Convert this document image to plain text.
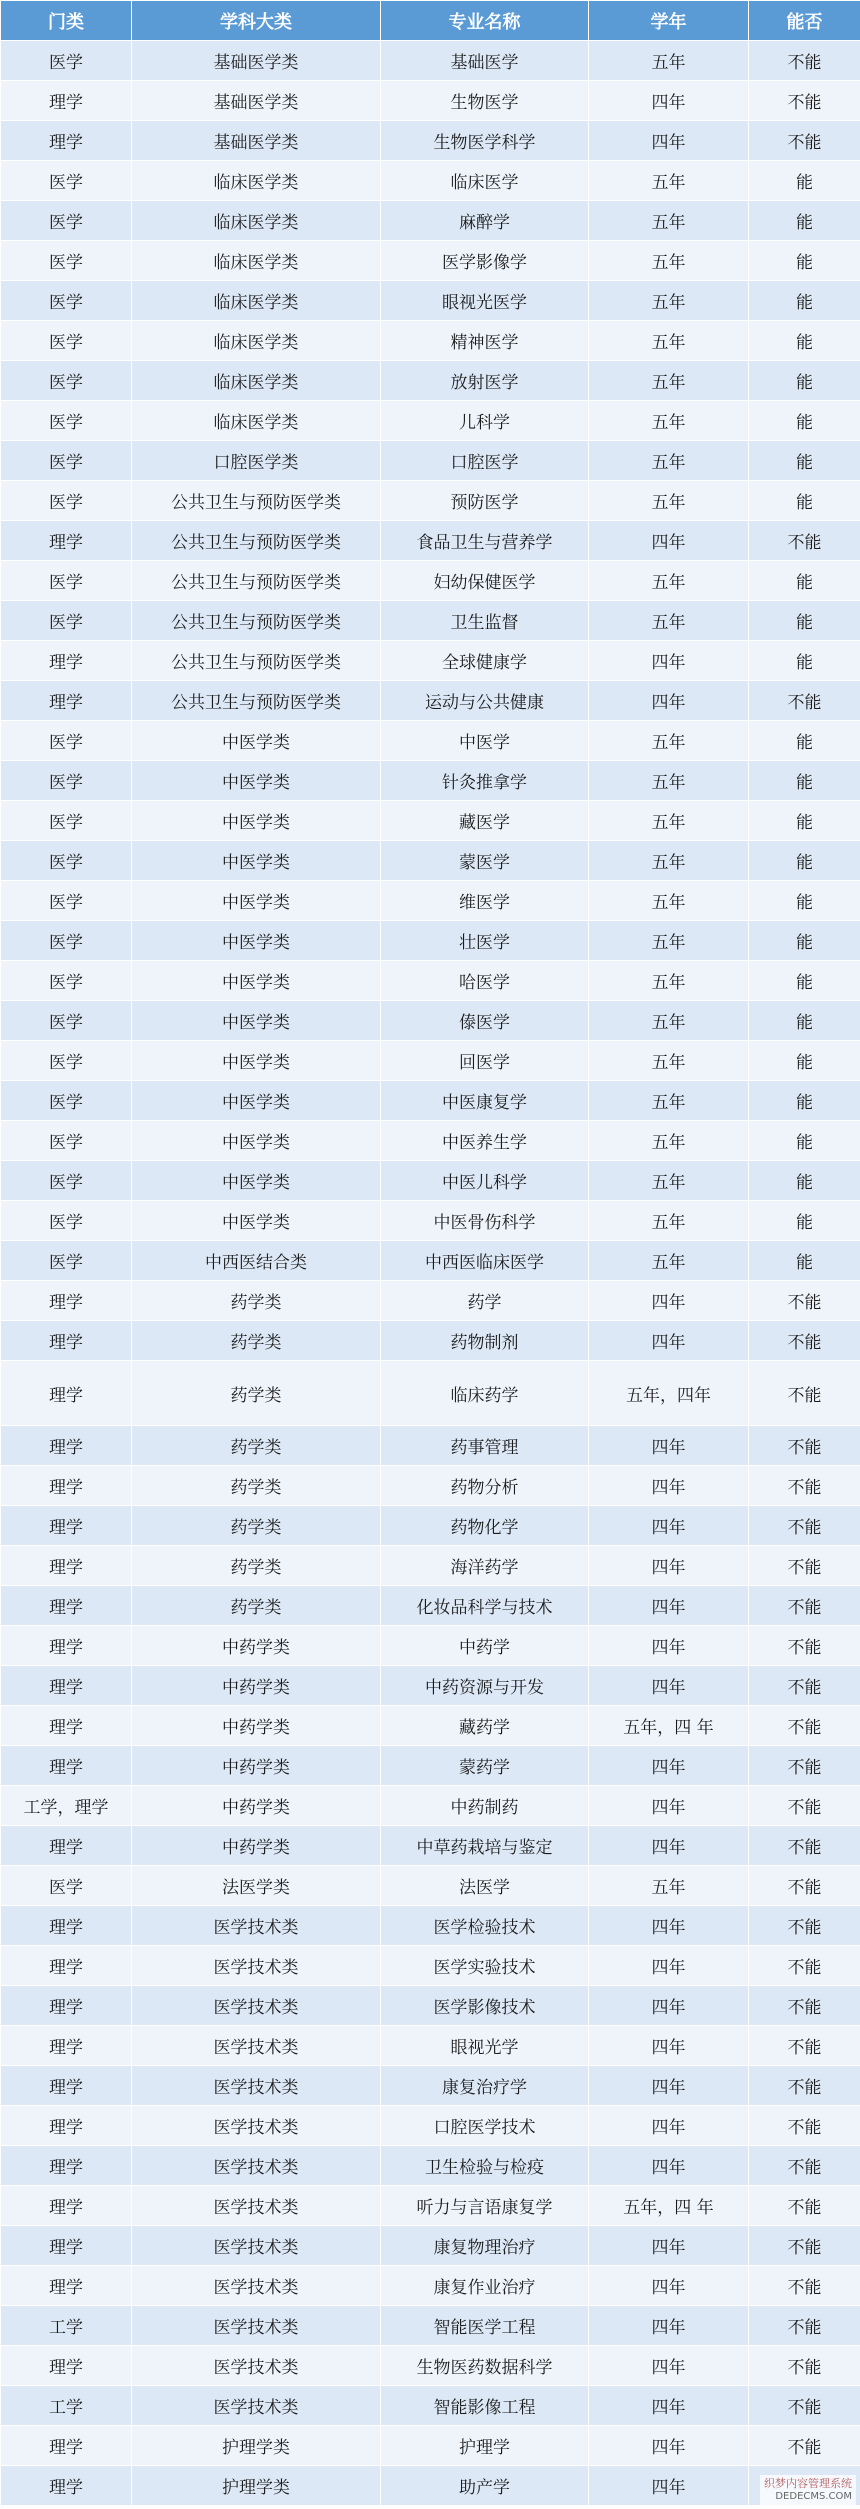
门类	学科大类	专业名称	学年	能否
医学	基础医学类	基础医学	五年	不能
理学	基础医学类	生物医学	四年	不能
理学	基础医学类	生物医学科学	四年	不能
医学	临床医学类	临床医学	五年	能
医学	临床医学类	麻醉学	五年	能
医学	临床医学类	医学影像学	五年	能
医学	临床医学类	眼视光医学	五年	能
医学	临床医学类	精神医学	五年	能
医学	临床医学类	放射医学	五年	能
医学	临床医学类	儿科学	五年	能
医学	口腔医学类	口腔医学	五年	能
医学	公共卫生与预防医学类	预防医学	五年	能
理学	公共卫生与预防医学类	食品卫生与营养学	四年	不能
医学	公共卫生与预防医学类	妇幼保健医学	五年	能
医学	公共卫生与预防医学类	卫生监督	五年	能
理学	公共卫生与预防医学类	全球健康学	四年	能
理学	公共卫生与预防医学类	运动与公共健康	四年	不能
医学	中医学类	中医学	五年	能
医学	中医学类	针灸推拿学	五年	能
医学	中医学类	藏医学	五年	能
医学	中医学类	蒙医学	五年	能
医学	中医学类	维医学	五年	能
医学	中医学类	壮医学	五年	能
医学	中医学类	哈医学	五年	能
医学	中医学类	傣医学	五年	能
医学	中医学类	回医学	五年	能
医学	中医学类	中医康复学	五年	能
医学	中医学类	中医养生学	五年	能
医学	中医学类	中医儿科学	五年	能
医学	中医学类	中医骨伤科学	五年	能
医学	中西医结合类	中西医临床医学	五年	能
理学	药学类	药学	四年	不能
理学	药学类	药物制剂	四年	不能
理学	药学类	临床药学	五年，四年	不能
理学	药学类	药事管理	四年	不能
理学	药学类	药物分析	四年	不能
理学	药学类	药物化学	四年	不能
理学	药学类	海洋药学	四年	不能
理学	药学类	化妆品科学与技术	四年	不能
理学	中药学类	中药学	四年	不能
理学	中药学类	中药资源与开发	四年	不能
理学	中药学类	藏药学	五年，四 年	不能
理学	中药学类	蒙药学	四年	不能
工学，理学	中药学类	中药制药	四年	不能
理学	中药学类	中草药栽培与鉴定	四年	不能
医学	法医学类	法医学	五年	不能
理学	医学技术类	医学检验技术	四年	不能
理学	医学技术类	医学实验技术	四年	不能
理学	医学技术类	医学影像技术	四年	不能
理学	医学技术类	眼视光学	四年	不能
理学	医学技术类	康复治疗学	四年	不能
理学	医学技术类	口腔医学技术	四年	不能
理学	医学技术类	卫生检验与检疫	四年	不能
理学	医学技术类	听力与言语康复学	五年，四 年	不能
理学	医学技术类	康复物理治疗	四年	不能
理学	医学技术类	康复作业治疗	四年	不能
工学	医学技术类	智能医学工程	四年	不能
理学	医学技术类	生物医药数据科学	四年	不能
工学	医学技术类	智能影像工程	四年	不能
理学	护理学类	护理学	四年	不能
理学	护理学类	助产学	四年		织梦内容管理系统
DEDECMS.COM
